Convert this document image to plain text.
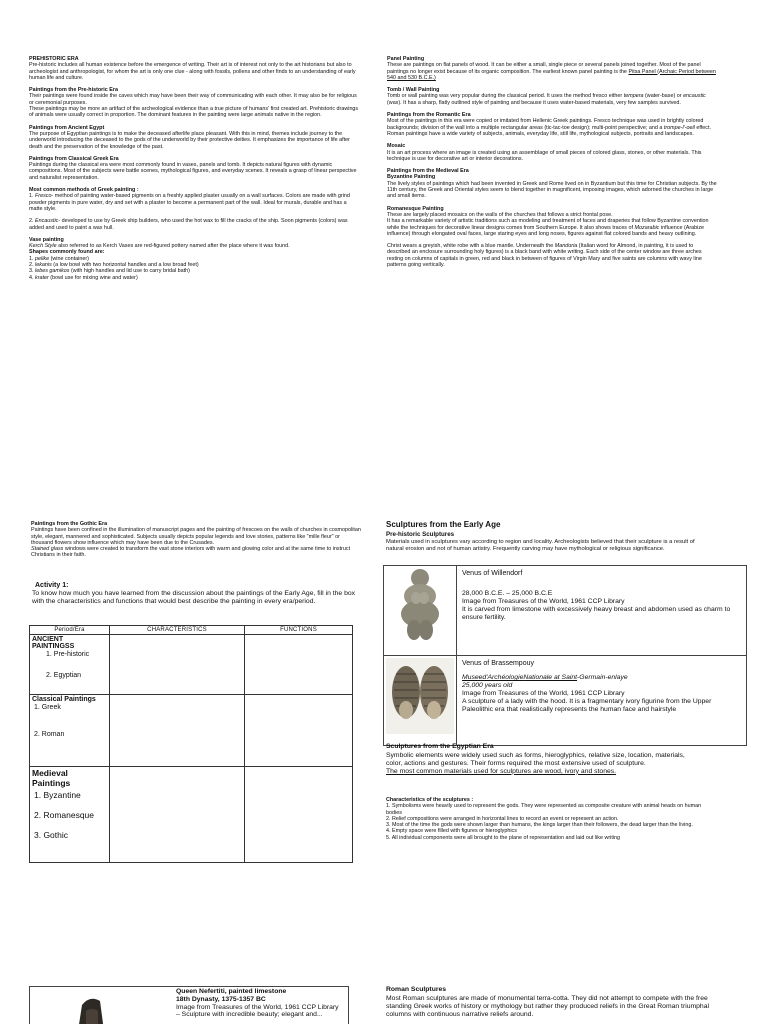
PREHISTORIC ERA

Pre-historic includes all human existence before the emergence of writing. Their art is of interest not only to the art historians but also to archeologist and anthropologist, for whom the art is only one clue - along with fossils, pollens and other finds to an understanding of early human life and culture.

Paintings from the Pre-historic Era

Their paintings were found inside the caves which may have been their way of communicating with each other. It may also be for religious or ceremonial purposes.

These paintings may be more an artifact of the archeological evidence than a true picture of humans' first created art. Prehistoric drawings of animals were usually correct in proportion. The dominant features in the painting were large animals native in the region.

Paintings from Ancient Egypt

The purpose of Egyptian paintings is to make the deceased afterlife place pleasant. With this in mind, themes include journey to the underworld introducing the deceased to the gods of the underworld by their protective deities. It emphasizes the importance of life after death and the preservation of the knowledge of the past.

Paintings from Classical Greek Era

Paintings during the classical era were most commonly found in vases, panels and tomb. It depicts natural figures with dynamic compositions. Most of the subjects were battle scenes, mythological figures, and everyday scenes. It reveals a grasp of linear perspective and naturalist representation.

Most common methods of Greek painting :

1. Fresco- method of painting water-based pigments on a freshly applied plaster usually on a wall surfaces. Colors are made with grind powder pigments in pure water, dry and set with a plaster to become a permanent part of the wall. Ideal for murals, durable and has a matte style.

2. Encaustic- developed to use by Greek ship builders, who used the hot wax to fill the cracks of the ship. Soon pigments (colors) was added and used to paint a wax hull.

Vase painting

Kerch Style also referred to as Kerch Vases are red-figured pottery named after the place where it was found.

Shapes commonly found are:

1. pelike (wine container)

2. lekanis (a low bowl with two horizontal handles and a low broad feet)

3. lebes gamikos (with high handles and lid use to carry bridal bath)

4. krater (bowl use for mixing wine and water)

Panel Painting

These are paintings on flat panels of wood. It can be either a small, single piece or several panels joined together. Most of the panel paintings no longer exist because of its organic composition. The earliest known panel painting is the Pitsa Panel (Archaic Period between 540 and 530 B.C.E.)

Tomb / Wall Painting

Tomb or wall painting was very popular during the classical period. It uses the method fresco either tempera (water-base) or encaustic (wax). It has a sharp, flatly outlined style of painting and because it uses water-based materials, very few samples survived.

Paintings from the Romantic Era

Most of the paintings in this era were copied or imitated from Hellenic Greek paintings. Fresco technique was used in brightly colored backgrounds; division of the wall into a multiple rectangular areas (tic-tac-toe design); multi-point perspective; and a trompe-l'-oeil effect. Roman paintings have a wide variety of subjects, animals, everyday life, still life, mythological subjects, portraits and landscapes.

Mosaic

It is an art process where an image is created using an assemblage of small pieces of colored glass, stones, or other materials. This technique is use for decorative art or interior decorations.

Paintings from the Medieval Era
Byzantine Painting

The lively styles of paintings which had been invented in Greek and Rome lived on in Byzantium but this time for Christian subjects. By the 11th century, the Greek and Oriental styles seem to blend together in magnificent, imposing images, which adorned the churches in large and small items.

Romanesque Painting

These are largely placed mosaics on the walls of the churches that follows a strict frontal pose.

It has a remarkable variety of artistic traditions such as modeling and treatment of faces and draperies that follow Byzantine convention while the techniques for decorative linear designs comes from Southern Europe. It also shows traces of Mozarabic influence (Arabize influence) through elongated oval faces, large staring eyes and long noses, figures against flat colored bands and heavy outlining.

Christ wears a greyish, white robe with a blue mantle. Underneath the Mandoria (Italian word for Almond, in painting, it is used to described an enclosure surrounding holy figures) is a black band with white writing. Each side of the center window are three arches resting on columns of capitals in green, red and black in between of figures of Virgin Mary and five saints are columns with wavy line patterns going vertically.

Paintings from the Gothic Era

Paintings have been confined in the illumination of manuscript pages and the painting of frescoes on the walls of churches in cosmopolitan style, elegant, mannered and sophisticated. Subjects usually depicts popular legends and love stories, patterns like "mille fleur" or thousand flowers show influence which may have been due to the Crusades.

Stained glass windows were created to transform the vast stone interiors with warm and glowing color and at the same time to instruct Christians in their faith.

Activity 1:
To know how much you have learned from the discussion about the paintings of the Early Age, fill in the box with the characteristics and functions that would best describe the painting in every era/period.
Period/Era	CHARACTERISTICS	FUNCTIONS

ANCIENT PAINTINGSS
1. Pre-historic
2. Egyptian		

Classical Paintings
1. Greek
2. Roman		

Medieval Paintings
1. Byzantine
2. Romanesque
3. Gothic		

Sculptures from the Early Age
Pre-historic Sculptures
Materials used in sculptures vary according to region and locality. Archeologists believed that their sculpture is a result of natural erosion and not of human artistry. Frequently carving may have mythological or religious significance.

Venus of Willendorf
28,000 B.C.E. – 25,000 B.C.E
Image from Treasures of the World, 1961 CCP Library
It is carved from limestone with excessively heavy breast and abdomen used as charm to ensure fertility.

Venus of Brassempouy
Museed'ArchéologieNationale at Saint-Germain-enlaye
25,000 years old
Image from Treasures of the World, 1961 CCP Library
A sculpture of a lady with the hood. It is a fragmentary ivory figurine from the Upper Paleolithic era that realistically represents the human face and hairstyle
Sculptures from the Egyptian Era
Symbolic elements were widely used such as forms, hieroglyphics, relative size, location, materials, color, actions and gestures. Their forms required the most extensive used of sculpture.
The most common materials used for sculptures are wood, ivory and stones.
Characteristics of the sculptures :

1. Symbolisms were heavily used to represent the gods. They were represented as composite creature with animal heads on human bodies

2. Relief compositions were arranged in horizontal lines to record an event or represent an action.

3. Most of the time the gods were shown larger than humans, the kings larger than their followers, the dead larger than the living.

4. Empty space were filled with figures or hieroglyphics

5. All individual components were all brought to the plane of representation and laid out like writing

Queen Nefertiti, painted limestone
18th Dynasty, 1375-1357 BC
Image from Treasures of the World, 1961 CCP Library
– Sculpture with incredible beauty; elegant and...
Roman Sculptures
Most Roman sculptures are made of monumental terra-cotta. They did not attempt to compete with the free standing Greek works of history or mythology but rather they produced reliefs in the Great Roman triumphal columns with continuous narrative reliefs around.
